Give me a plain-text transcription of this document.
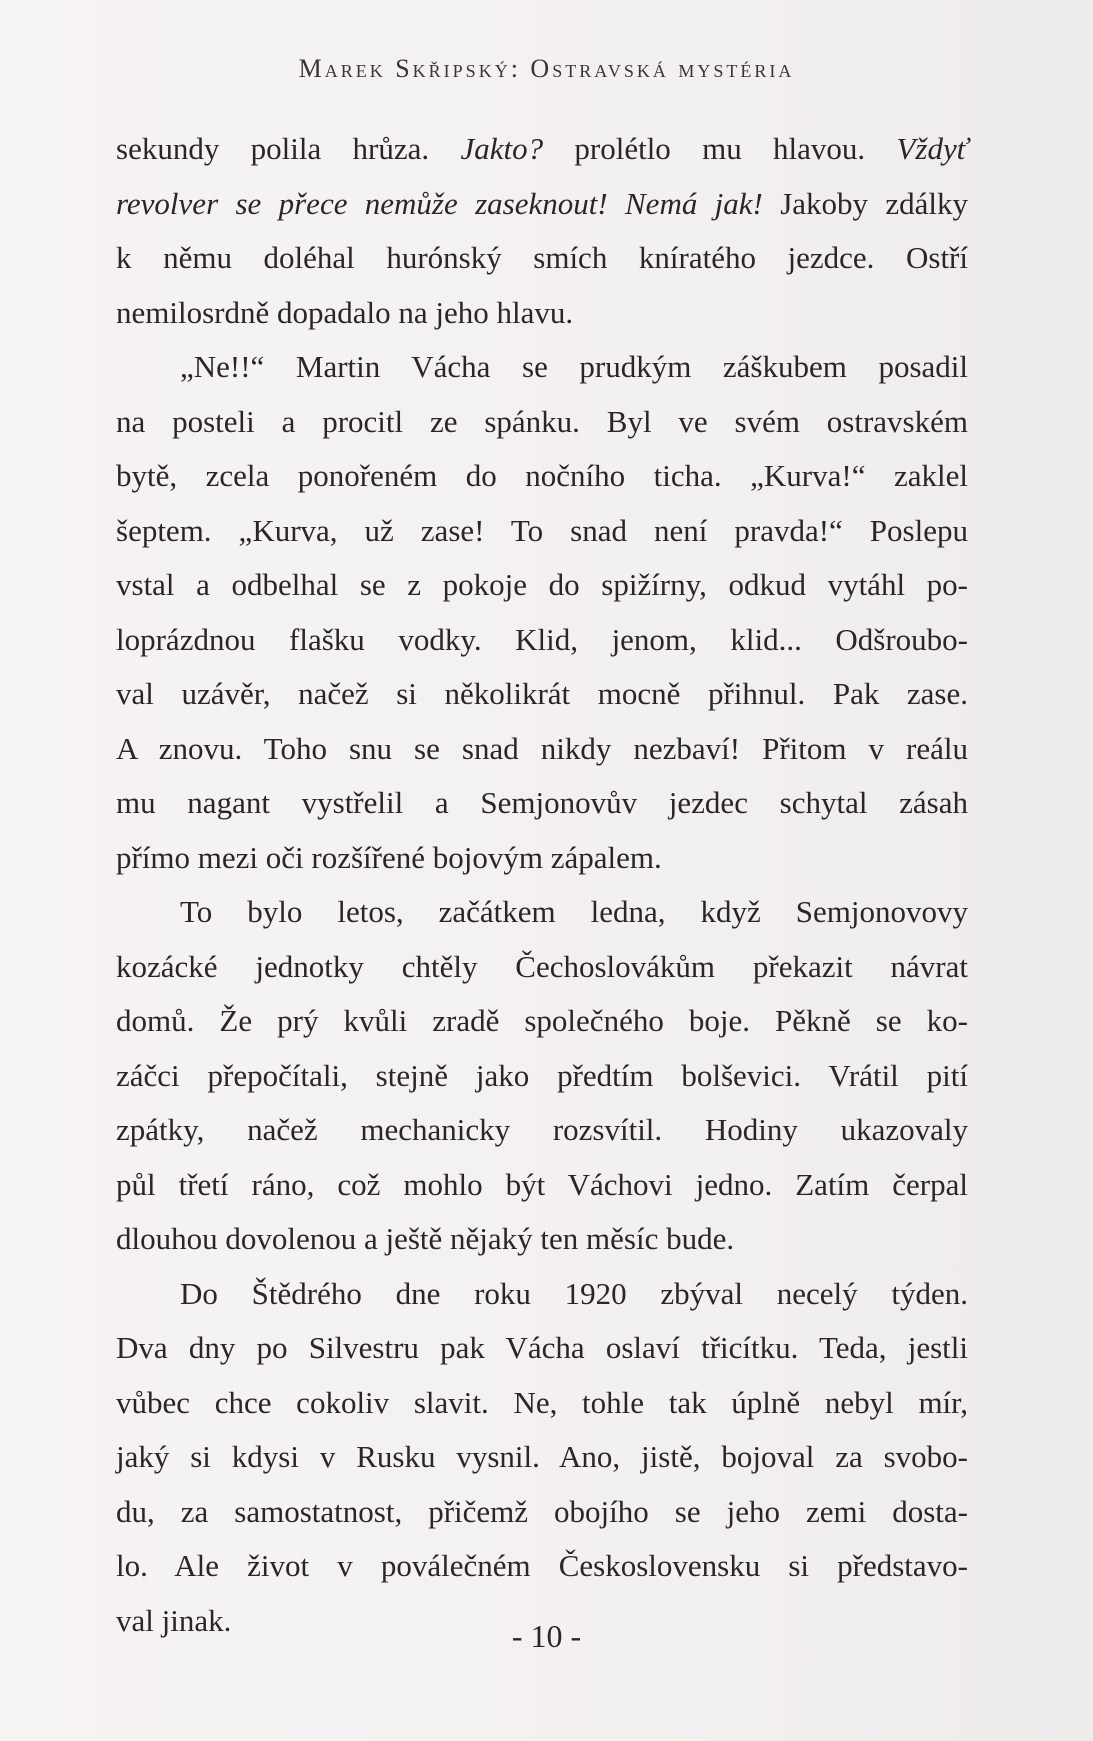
Marek Skřipský: Ostravská mystéria
sekundy polila hrůza. Jakto? prolétlo mu hlavou. Vždyť
revolver se přece nemůže zaseknout! Nemá jak! Jakoby zdálky
k němu doléhal hurónský smích kníratého jezdce. Ostří
nemilosrdně dopadalo na jeho hlavu.
„Ne!!“ Martin Vácha se prudkým záškubem posadil
na posteli a procitl ze spánku. Byl ve svém ostravském
bytě, zcela ponořeném do nočního ticha. „Kurva!“ zaklel
šeptem. „Kurva, už zase! To snad není pravda!“ Poslepu
vstal a odbelhal se z pokoje do spižírny, odkud vytáhl po-
loprázdnou flašku vodky. Klid, jenom, klid... Odšroubo-
val uzávěr, načež si několikrát mocně přihnul. Pak zase.
A znovu. Toho snu se snad nikdy nezbaví! Přitom v reálu
mu nagant vystřelil a Semjonovův jezdec schytal zásah
přímo mezi oči rozšířené bojovým zápalem.
To bylo letos, začátkem ledna, když Semjonovovy
kozácké jednotky chtěly Čechoslovákům překazit návrat
domů. Že prý kvůli zradě společného boje. Pěkně se ko-
záčci přepočítali, stejně jako předtím bolševici. Vrátil pití
zpátky, načež mechanicky rozsvítil. Hodiny ukazovaly
půl třetí ráno, což mohlo být Váchovi jedno. Zatím čerpal
dlouhou dovolenou a ještě nějaký ten měsíc bude.
Do Štědrého dne roku 1920 zbýval necelý týden.
Dva dny po Silvestru pak Vácha oslaví třicítku. Teda, jestli
vůbec chce cokoliv slavit. Ne, tohle tak úplně nebyl mír,
jaký si kdysi v Rusku vysnil. Ano, jistě, bojoval za svobo-
du, za samostatnost, přičemž obojího se jeho zemi dosta-
lo. Ale život v poválečném Československu si představo-
val jinak.	- 10 -
